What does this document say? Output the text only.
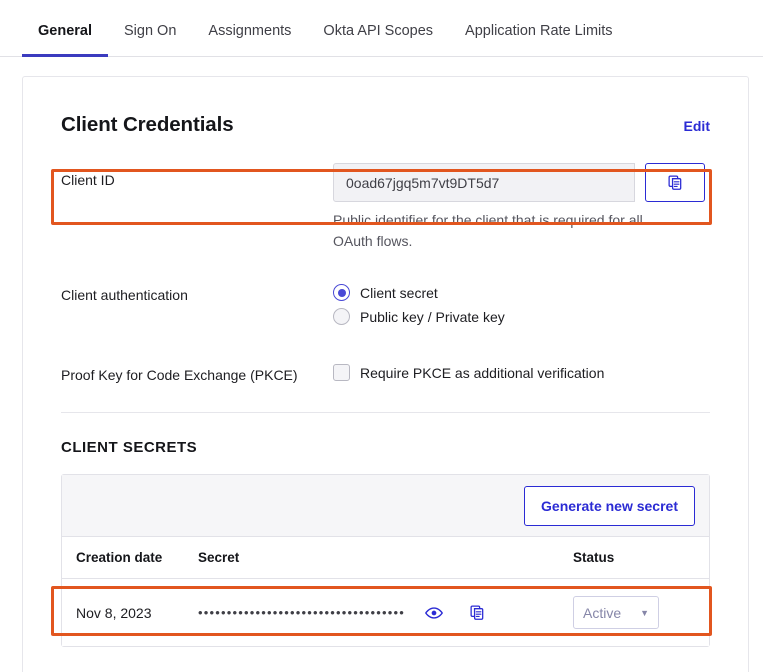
General	Sign On	Assignments	Okta API Scopes	Application Rate Limits
Client Credentials	Edit
Client ID	0oad67jgq5m7vt9DT5d7
Public identifier for the client that is required for all OAuth flows.
Client authentication	Client secret
Public key / Private key
Proof Key for Code Exchange (PKCE)	Require PKCE as additional verification
CLIENT SECRETS
Generate new secret
Creation date	Secret	Status
Nov 8, 2023	••••••••••••••••••••••••••••••••••••	Active ▼
